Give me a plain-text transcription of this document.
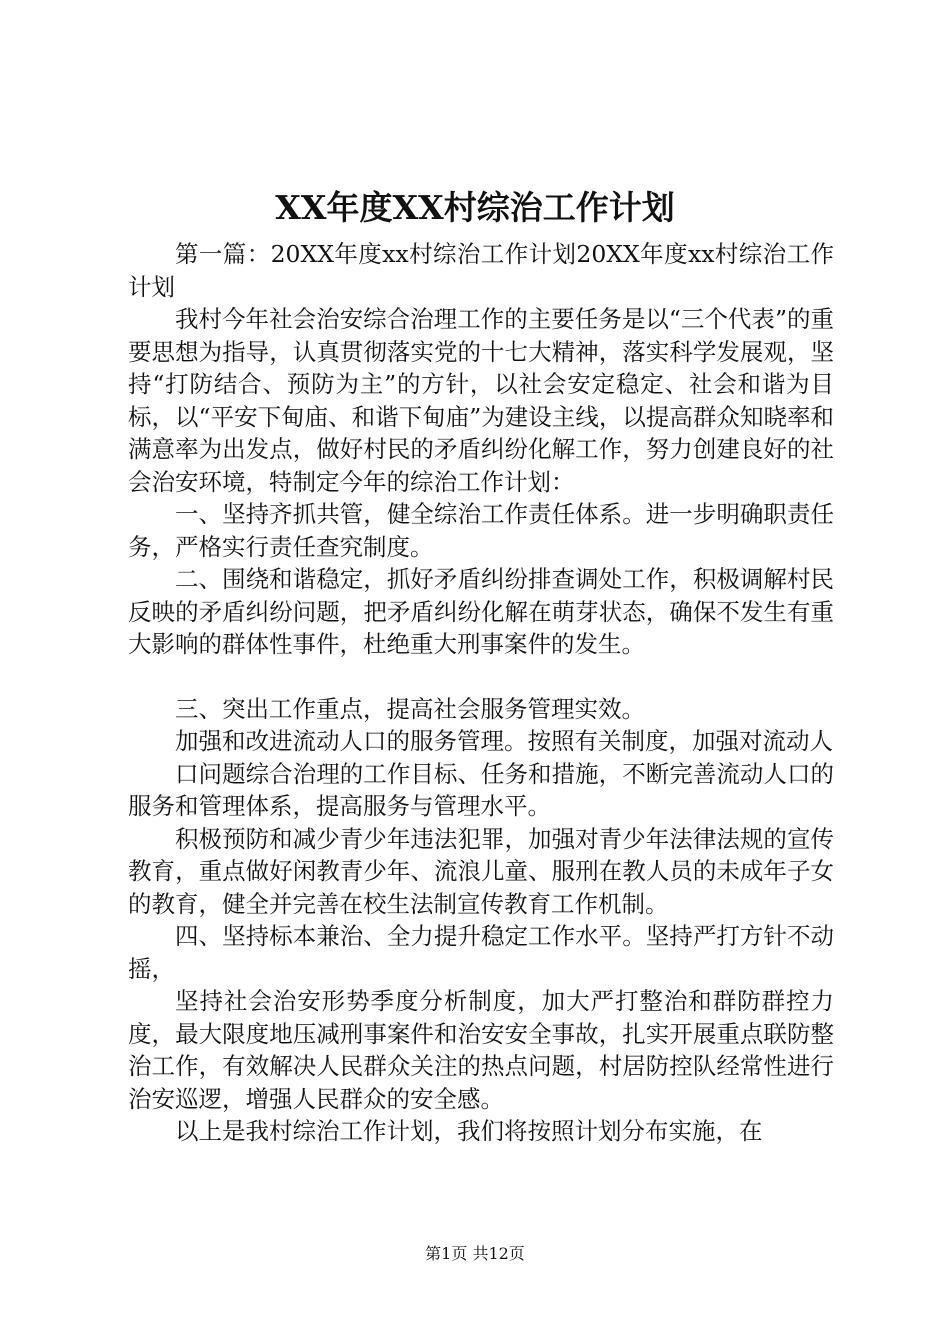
XX年度XX村综治工作计划

第一篇：20XX年度xx村综治工作计划20XX年度xx村综治工作计划

我村今年社会治安综合治理工作的主要任务是以“三个代表”的重要思想为指导，认真贯彻落实党的十七大精神，落实科学发展观，坚持“打防结合、预防为主”的方针，以社会安定稳定、社会和谐为目标，以“平安下甸庙、和谐下甸庙”为建设主线，以提高群众知晓率和满意率为出发点，做好村民的矛盾纠纷化解工作，努力创建良好的社会治安环境，特制定今年的综治工作计划：

一、坚持齐抓共管，健全综治工作责任体系。进一步明确职责任务，严格实行责任查究制度。

二、围绕和谐稳定，抓好矛盾纠纷排查调处工作，积极调解村民反映的矛盾纠纷问题，把矛盾纠纷化解在萌芽状态，确保不发生有重大影响的群体性事件，杜绝重大刑事案件的发生。

三、突出工作重点，提高社会服务管理实效。

加强和改进流动人口的服务管理。按照有关制度，加强对流动人

口问题综合治理的工作目标、任务和措施，不断完善流动人口的服务和管理体系，提高服务与管理水平。

积极预防和减少青少年违法犯罪，加强对青少年法律法规的宣传教育，重点做好闲教青少年、流浪儿童、服刑在教人员的未成年子女的教育，健全并完善在校生法制宣传教育工作机制。

四、坚持标本兼治、全力提升稳定工作水平。坚持严打方针不动摇，

坚持社会治安形势季度分析制度，加大严打整治和群防群控力度，最大限度地压减刑事案件和治安安全事故，扎实开展重点联防整治工作，有效解决人民群众关注的热点问题，村居防控队经常性进行治安巡逻，增强人民群众的安全感。

以上是我村综治工作计划，我们将按照计划分布实施，在

第1页 共12页
